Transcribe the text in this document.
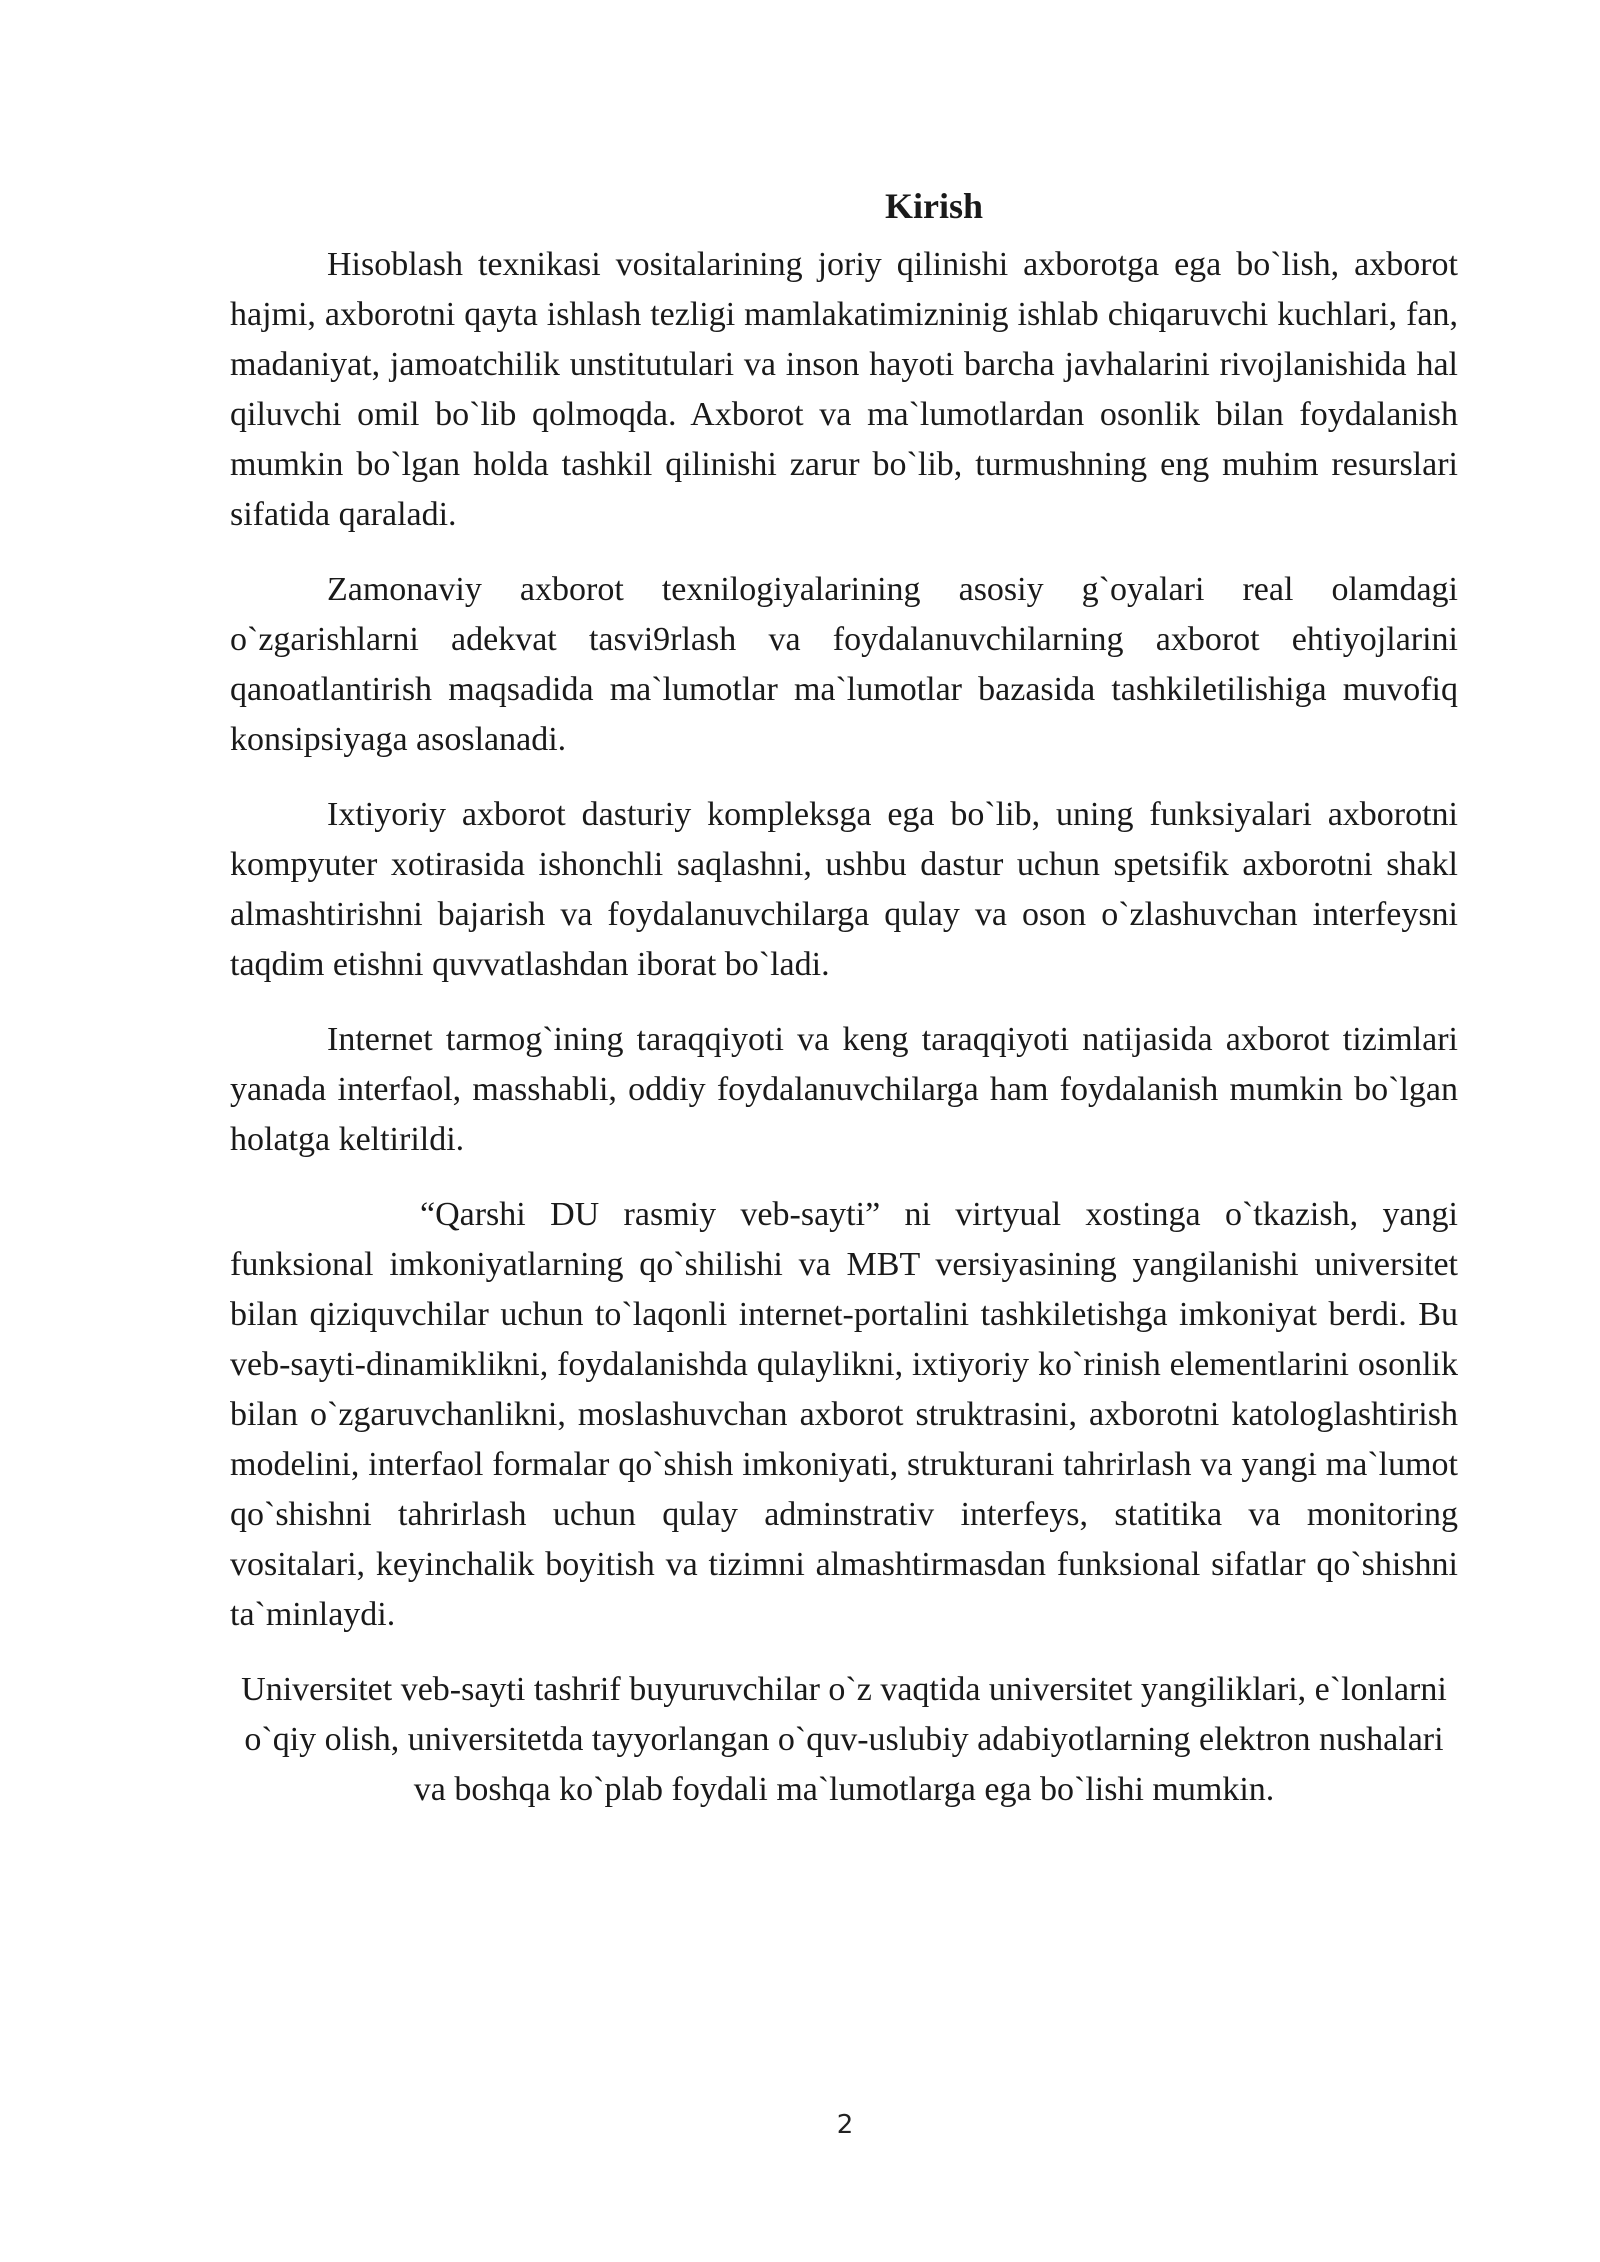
Kirish

Hisoblash texnikasi vositalarining joriy qilinishi axborotga ega bo`lish, axborot hajmi, axborotni qayta ishlash tezligi mamlakatimizninig ishlab chiqaruvchi kuchlari, fan, madaniyat, jamoatchilik unstitutulari va inson hayoti barcha javhalarini rivojlanishida hal qiluvchi omil bo`lib qolmoqda. Axborot va ma`lumotlardan osonlik bilan foydalanish mumkin bo`lgan holda tashkil qilinishi zarur bo`lib, turmushning eng muhim resurslari sifatida qaraladi.

Zamonaviy axborot texnilogiyalarining asosiy g`oyalari real olamdagi o`zgarishlarni adekvat tasvi9rlash va foydalanuvchilarning axborot ehtiyojlarini qanoatlantirish maqsadida ma`lumotlar ma`lumotlar bazasida tashkiletilishiga muvofiq konsipsiyaga asoslanadi.

Ixtiyoriy axborot dasturiy kompleksga ega bo`lib, uning funksiyalari axborotni kompyuter xotirasida ishonchli saqlashni, ushbu dastur uchun spetsifik axborotni shakl almashtirishni bajarish va foydalanuvchilarga qulay va oson o`zlashuvchan interfeysni taqdim etishni quvvatlashdan iborat bo`ladi.

Internet tarmog`ining taraqqiyoti va keng taraqqiyoti natijasida axborot tizimlari yanada interfaol, masshabli, oddiy foydalanuvchilarga ham foydalanish mumkin bo`lgan holatga keltirildi.

“Qarshi DU rasmiy veb-sayti” ni virtyual xostinga o`tkazish, yangi funksional imkoniyatlarning qo`shilishi va MBT versiyasining yangilanishi universitet bilan qiziquvchilar uchun to`laqonli internet-portalini tashkiletishga imkoniyat berdi. Bu veb-sayti-dinamiklikni, foydalanishda qulaylikni, ixtiyoriy ko`rinish elementlarini osonlik bilan o`zgaruvchanlikni, moslashuvchan axborot struktrasini, axborotni katologlashtirish modelini, interfaol formalar qo`shish imkoniyati, strukturani tahrirlash va yangi ma`lumot qo`shishni tahrirlash uchun qulay adminstrativ interfeys, statitika va monitoring vositalari, keyinchalik boyitish va tizimni almashtirmasdan funksional sifatlar qo`shishni ta`minlaydi.

Universitet veb-sayti tashrif buyuruvchilar o`z vaqtida universitet yangiliklari, e`lonlarni o`qiy olish, universitetda tayyorlangan o`quv-uslubiy adabiyotlarning elektron nushalari va boshqa ko`plab foydali ma`lumotlarga ega bo`lishi mumkin.

2
